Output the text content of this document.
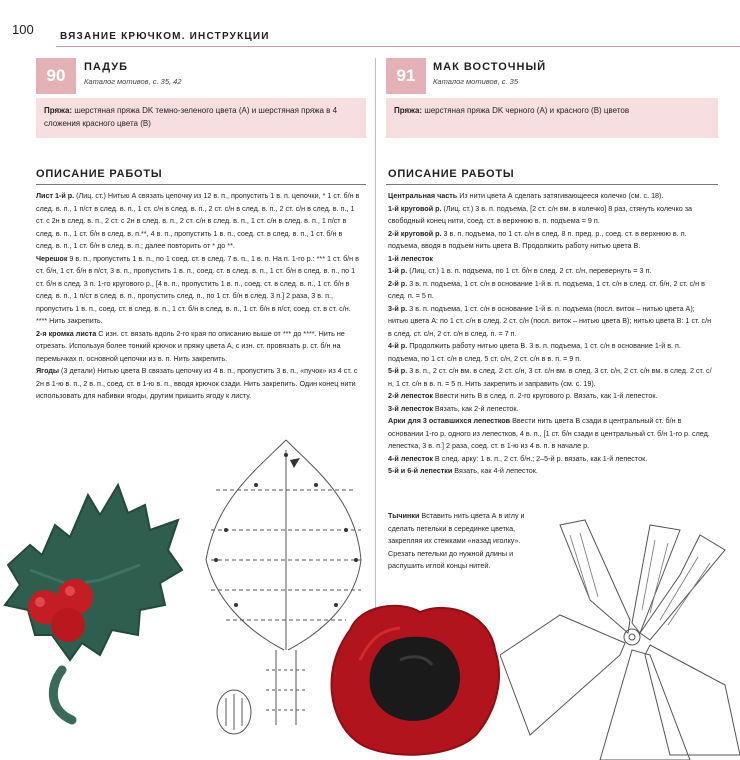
100	ВЯЗАНИЕ КРЮЧКОМ. ИНСТРУКЦИИ
90	ПАДУБ
Каталог мотивов, с. 35, 42
Пряжа: шерстяная пряжа DK темно-зеленого цвета (А) и шерстяная пряжа в 4 сложения красного цвета (В)
ОПИСАНИЕ РАБОТЫ

Лист 1-й р. (Лиц. ст.) Нитью А связать цепочку из 12 в. п., пропустить 1 в. п. цепочки, * 1 ст. б/н в след. в. п., 1 п/ст в след. в. п., 1 ст. с/н в след. в. п., 2 ст. с/н в след. в. п., 2 ст. с/н в след. в. п., 1 ст. с 2н в след. в. п., 2 ст. с 2н в след. в. п., 2 ст. с/н в след. в. п., 1 ст. с/н в след. в. п., 1 п/ст в след. в. п., 1 ст. б/н в след. в. п.**, 4 в. п., пропустить 1 в. п., соед. ст. в след. в. п., 1 ст. б/н в след. в. п., 1 ст. б/н в след. в. п.; далее повторить от * до **.

Черешок 9 в. п., пропустить 1 в. п., по 1 соед. ст. в след. 7 в. п., 1 в. п. На п. 1-го р.: *** 1 ст. б/н в ст. б/н, 1 ст. б/н в п/ст, 3 в. п., пропустить 1 в. п., соед. ст. в след. в. п., 1 ст. б/н в след. в. п., по 1 ст. б/н в след. 3 п. 1-го кругового р., [4 в. п., пропустить 1 в. п., соед. ст. в след. в. п., 1 ст. б/н в след. в. п., 1 п/ст в след. в. п., пропустить след. п., по 1 ст. б/н в след. 3 п.] 2 раза, 3 в. п., пропустить 1 в. п., соед. ст. в след. в. п., 1 ст. б/н в след. в. п., 1 ст. б/н в п/ст, соед. ст. в ст. с/н. **** Нить закрепить.

2-я кромка листа С изн. ст. вязать вдоль 2-го края по описанию выше от *** до ****. Нить не отрезать. Используя более тонкий крючок и пряжу цвета А, с изн. ст. провязать р. ст. б/н на перемычках п. основной цепочки из в. п. Нить закрепить.

Ягоды (3 детали) Нитью цвета В связать цепочку из 4 в. п., пропустить 3 в. п., «пучок» из 4 ст. с 2н в 1-ю в. п., 2 в. п., соед. ст. в 1-ю в. п., вводя крючок сзади. Нить закрепить. Один конец нити использовать для набивки ягоды, другим пришить ягоду к листу.

91	МАК ВОСТОЧНЫЙ
Каталог мотивов, с. 35
Пряжа: шерстяная пряжа DK черного (А) и красного (В) цветов
ОПИСАНИЕ РАБОТЫ

Центральная часть Из нити цвета А сделать затягивающееся колечко (см. с. 18).

1-й круговой р. (Лиц. ст.) 3 в. п. подъема, [2 ст. с/н вм. в колечко] 8 раз, стянуть колечко за свободный конец нити, соед. ст. в верхнюю в. п. подъема = 9 п.

2-й круговой р. 3 в. п. подъема, по 1 ст. с/н в след. 8 п. пред. р., соед. ст. в верхнюю в. п. подъема, вводя в подъем нить цвета В. Продолжить работу нитью цвета В.

1-й лепесток

1-й р. (Лиц. ст.) 1 в. п. подъема, по 1 ст. б/н в след. 2 ст. с/н, перевернуть = 3 п.

2-й р. 3 в. п. подъема, 1 ст. с/н в основание 1-й в. п. подъема, 1 ст. с/н в след. ст. б/н, 2 ст. с/н в след. п. = 5 п.

3-й р. 3 в. п. подъема, 1 ст. с/н в основание 1-й в. п. подъема (посл. виток – нитью цвета А); нитью цвета А: по 1 ст. с/н в след. 2 ст. с/н (посл. виток – нитью цвета В); нитью цвета В: 1 ст. с/н в след. ст. с/н, 2 ст. с/н в след. п. = 7 п.

4-й р. Продолжить работу нитью цвета В. 3 в. п. подъема, 1 ст. с/н в основание 1-й в. п. подъема, по 1 ст. с/н в след. 5 ст. с/н, 2 ст. с/н в в. п. = 9 п.

5-й р. 3 в. п., 2 ст. с/н вм. в след. 2 ст. с/н, 3 ст. с/н вм. в след. 3 ст. с/н, 2 ст. с/н вм. в след. 2 ст. с/н, 1 ст. с/н в в. п. = 5 п. Нить закрепить и заправить (см. с. 19).

2-й лепесток Ввести нить В в след. п. 2-го кругового р. Вязать, как 1-й лепесток.

3-й лепесток Вязать, как 2-й лепесток.

Арки для 3 оставшихся лепестков Ввести нить цвета В сзади в центральный ст. б/н в основании 1-го р. одного из лепестков, 4 в. п., [1 ст. б/н сзади в центральный ст. б/н 1-го р. след. лепестка, 3 в. п.] 2 раза, соед. ст. в 1-ю из 4 в. п. в начале р.

4-й лепесток В след. арку: 1 в. п., 2 ст. б/н.; 2–5-й р. вязать, как 1-й лепесток.

5-й и 6-й лепестки Вязать, как 4-й лепесток.

Тычинки Вставить нить цвета А в иглу и сделать петельки в серединке цветка, закрепляя их стежками «назад иголку». Срезать петельки до нужной длины и распушить иглой концы нитей.
